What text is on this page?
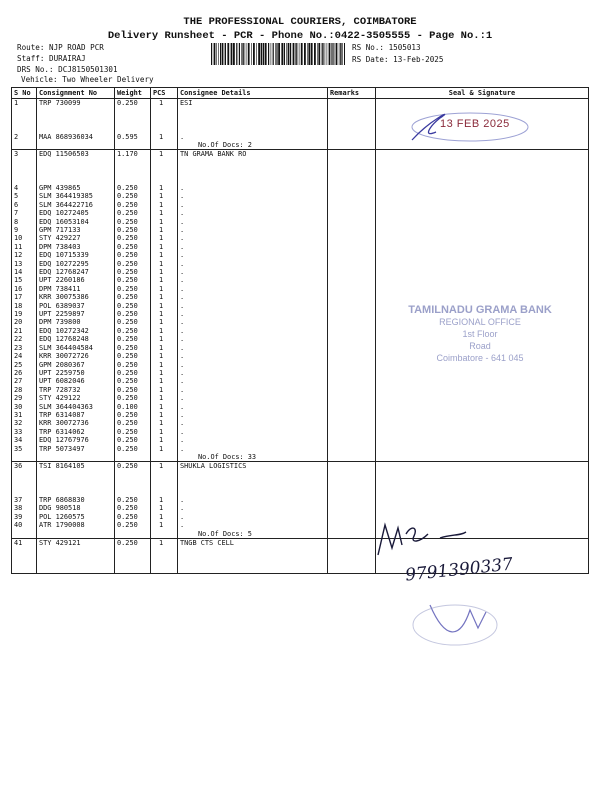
THE PROFESSIONAL COURIERS, COIMBATORE
Delivery Runsheet - PCR - Phone No.:0422-3505555 - Page No.:1
Route: NJP ROAD PCR
Staff: DURAIRAJ
DRS No.: DCJ8150501301
Vehicle: Two Wheeler Delivery
RS No.: 1505013
RS Date: 13-Feb-2025
S No	Consignment No	Weight	PCS	Consignee Details	Remarks	Seal & Signature
1	TRP 730099	0.250	1	ESI		

2	MAA 868936034	0.595	1	.		
				No.Of Docs: 2		
3	EDQ 11506503	1.170	1	TN GRAMA BANK RO		

4	GPM 439865	0.250	1	.		
5	SLM 364419385	0.250	1	.		
6	SLM 364422716	0.250	1	.		
7	EDQ 10272405	0.250	1	.		
8	EDQ 16053104	0.250	1	.		
9	GPM 717133	0.250	1	.		
10	STY 429227	0.250	1	.		
11	DPM 738403	0.250	1	.		
12	EDQ 10715339	0.250	1	.		
13	EDQ 10272295	0.250	1	.		
14	EDQ 12768247	0.250	1	.		
15	UPT 2260186	0.250	1	.		
16	DPM 738411	0.250	1	.		
17	KRR 30075386	0.250	1	.		
18	POL 6389037	0.250	1	.		
19	UPT 2259897	0.250	1	.		
20	DPM 739800	0.250	1	.		
21	EDQ 10272342	0.250	1	.		
22	EDQ 12768248	0.250	1	.		
23	SLM 364404584	0.250	1	.		
24	KRR 30072726	0.250	1	.		
25	GPM 2080367	0.250	1	.		
26	UPT 2259750	0.250	1	.		
27	UPT 6082046	0.250	1	.		
28	TRP 728732	0.250	1	.		
29	STY 429122	0.250	1	.		
30	SLM 364404363	0.100	1	.		
31	TRP 6314087	0.250	1	.		
32	KRR 30072736	0.250	1	.		
33	TRP 6314062	0.250	1	.		
34	EDQ 12767976	0.250	1	.		
35	TRP 5073497	0.250	1	.		
				No.Of Docs: 33		
36	TSI 8164105	0.250	1	SHUKLA LOGISTICS		

37	TRP 6868830	0.250	1	.		
38	DDG 980518	0.250	1	.		
39	POL 1260575	0.250	1	.		
40	ATR 1790008	0.250	1	.		
				No.Of Docs: 5		
41	STY 429121	0.250	1	TNGB CTS CELL		

13 FEB 2025
TAMILNADU GRAMA BANK
REGIONAL OFFICE
1st Floor
Road
Coimbatore - 641 045
9791390337
